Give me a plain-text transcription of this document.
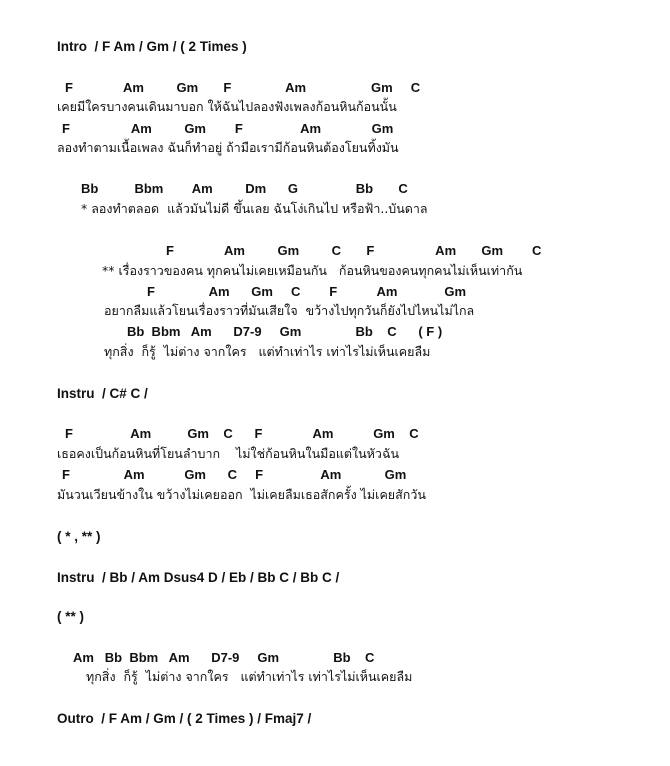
Intro  / F Am / Gm / ( 2 Times )
F              Am         Gm       F               Am                  Gm     C
เคยมีใครบางคนเดินมาบอก ให้ฉันไปลองฟังเพลงก้อนหินก้อนนั้น
F                 Am         Gm        F                Am              Gm
ลองทำตามเนื้อเพลง ฉันก็ทำอยู่ ถ้ามือเรามีก้อนหินต้องโยนทิ้งมัน
Bb          Bbm        Am         Dm      G                Bb       C
* ลองทำตลอด  แล้วมันไม่ดี ขึ้นเลย ฉันโง่เกินไป หรือฟ้า..บันดาล
F              Am         Gm         C       F                 Am       Gm        C
** เรื่องราวของคน ทุกคนไม่เคยเหมือนกัน   ก้อนหินของคนทุกคนไม่เห็นเท่ากัน
F               Am      Gm     C        F           Am             Gm
อยากลืมแล้วโยนเรื่องราวที่มันเสียใจ  ขว้างไปทุกวันก็ยังไปไหนไม่ไกล
Bb  Bbm   Am      D7-9     Gm               Bb    C      ( F )
ทุกสิ่ง  ก็รู้  ไม่ต่าง จากใคร   แต่ทำเท่าไร เท่าไรไม่เห็นเคยลืม
Instru  / C# C /
F                Am          Gm    C      F              Am           Gm    C
เธอคงเป็นก้อนหินที่โยนลำบาก    ไม่ใช่ก้อนหินในมือแต่ในหัวฉัน
F               Am           Gm      C     F                Am            Gm
มันวนเวียนข้างใน ขว้างไม่เคยออก  ไม่เคยลืมเธอสักครั้ง ไม่เคยสักวัน
( * , ** )
Instru  / Bb / Am Dsus4 D / Eb / Bb C / Bb C /
( ** )
Am   Bb  Bbm   Am      D7-9     Gm               Bb    C
ทุกสิ่ง  ก็รู้  ไม่ต่าง จากใคร   แต่ทำเท่าไร เท่าไรไม่เห็นเคยลืม
Outro  / F Am / Gm / ( 2 Times ) / Fmaj7 /
